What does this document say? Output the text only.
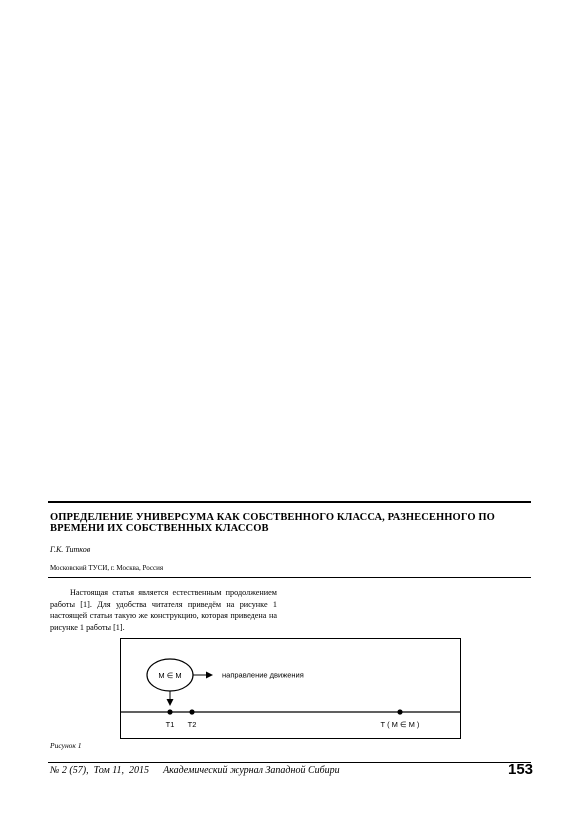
ОПРЕДЕЛЕНИЕ УНИВЕРСУМА КАК СОБСТВЕННОГО КЛАССА, РАЗНЕСЕННОГО ПО ВРЕМЕНИ ИХ СОБСТВЕННЫХ КЛАССОВ
Г.К. Титков
Московский ТУСИ, г. Москва, Россия

Настоящая статья является естественным продолжением работы [1]. Для удобства читателя приведём на рисунке 1 настоящей статьи такую же конструкцию, которая приведена на рисунке 1 работы [1].

M ∈ M	направление движения
T1 T2	T ( M ∈ M )
Рисунок 1
№ 2 (57),  Том 11,  2015 Академический журнал Западной Сибири	153
